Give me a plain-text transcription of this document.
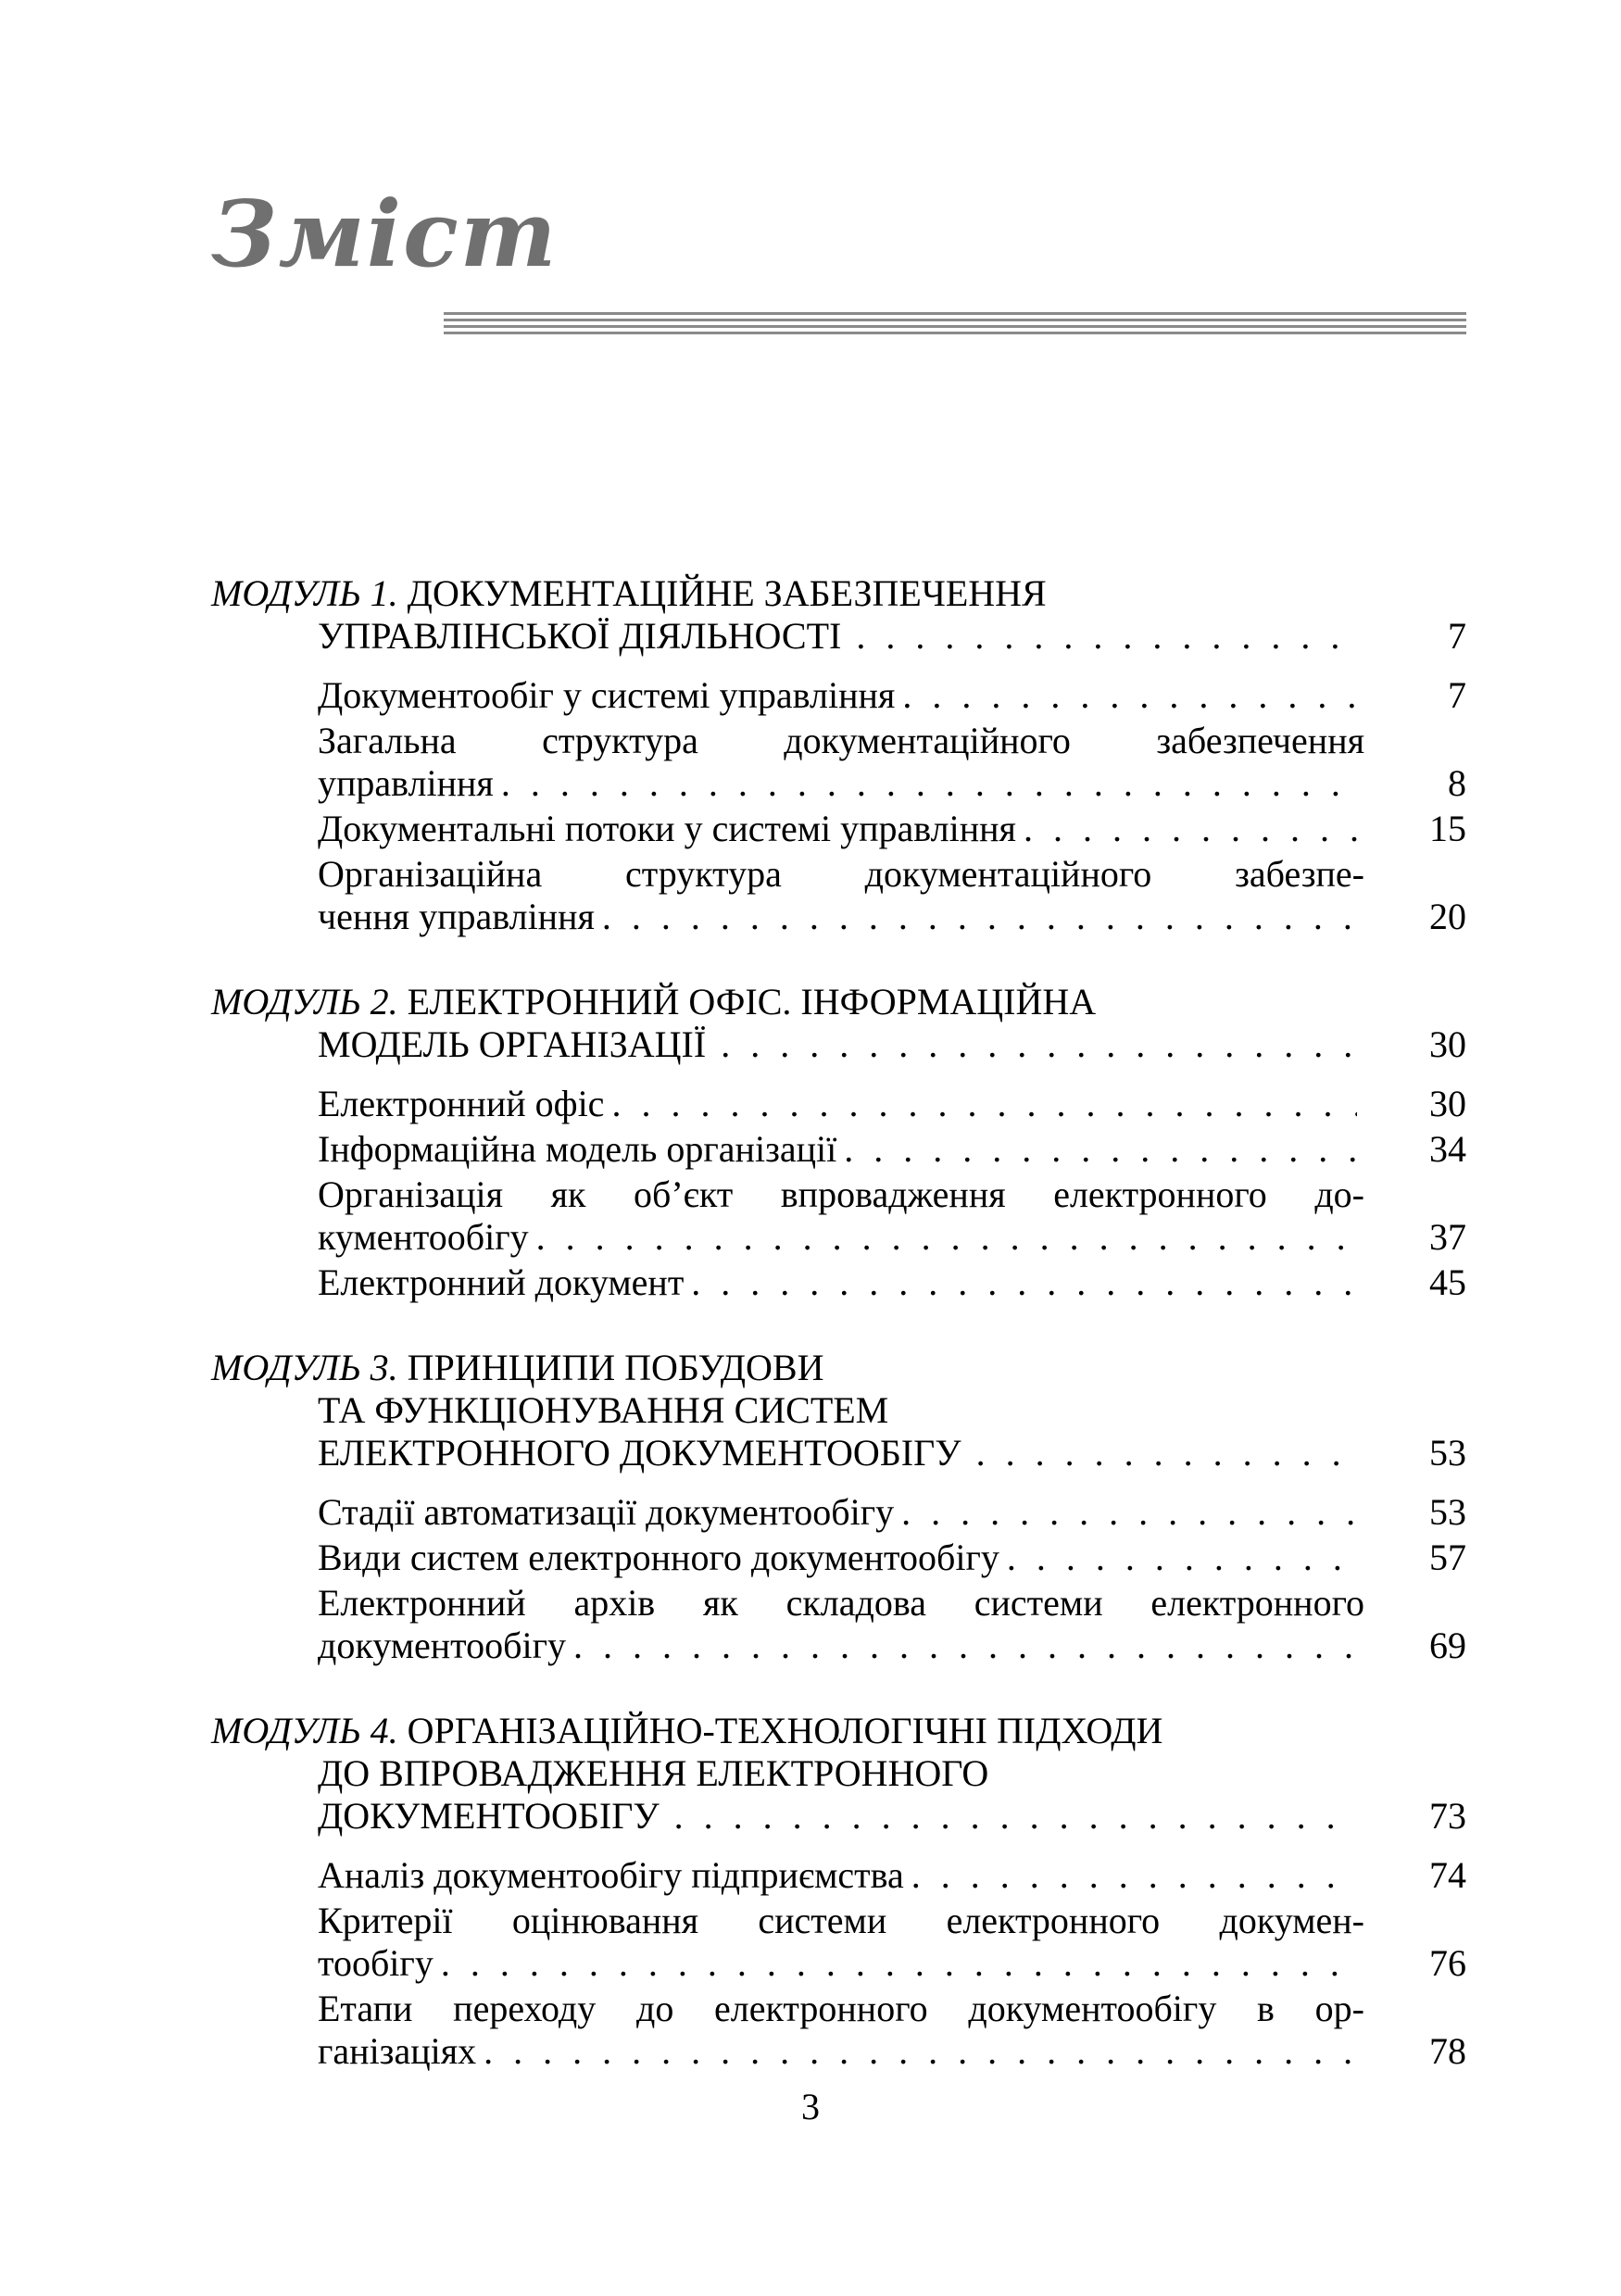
Зміст
МОДУЛЬ 1. ДОКУМЕНТАЦІЙНЕ ЗАБЕЗПЕЧЕННЯ
УПРАВЛІНСЬКОЇ ДІЯЛЬНОСТІ . . .	7
Документообіг у системі управління . . .	7
Загальна структура документаційного забезпечення
управління . . .	8
Документальні потоки у системі управління . . .	15
Організаційна структура документаційного забезпе-
чення управління . . .	20
МОДУЛЬ 2. ЕЛЕКТРОННИЙ ОФІС. ІНФОРМАЦІЙНА
МОДЕЛЬ ОРГАНІЗАЦІЇ . . .	30
Електронний офіс . . .	30
Інформаційна модель організації . . .	34
Організація як об’єкт впровадження електронного до-
кументообігу . . .	37
Електронний документ . . .	45
МОДУЛЬ 3. ПРИНЦИПИ ПОБУДОВИ
ТА ФУНКЦІОНУВАННЯ СИСТЕМ
ЕЛЕКТРОННОГО ДОКУМЕНТООБІГУ . . .	53
Стадії автоматизації документообігу . . .	53
Види систем електронного документообігу . . .	57
Електронний архів як складова системи електронного
документообігу . . .	69
МОДУЛЬ 4. ОРГАНІЗАЦІЙНО-ТЕХНОЛОГІЧНІ ПІДХОДИ
ДО ВПРОВАДЖЕННЯ ЕЛЕКТРОННОГО
ДОКУМЕНТООБІГУ . . .	73
Аналіз документообігу підприємства . . .	74
Критерії оцінювання системи електронного докумен-
тообігу . . .	76
Етапи переходу до електронного документообігу в ор-
ганізаціях . . .	78
3
